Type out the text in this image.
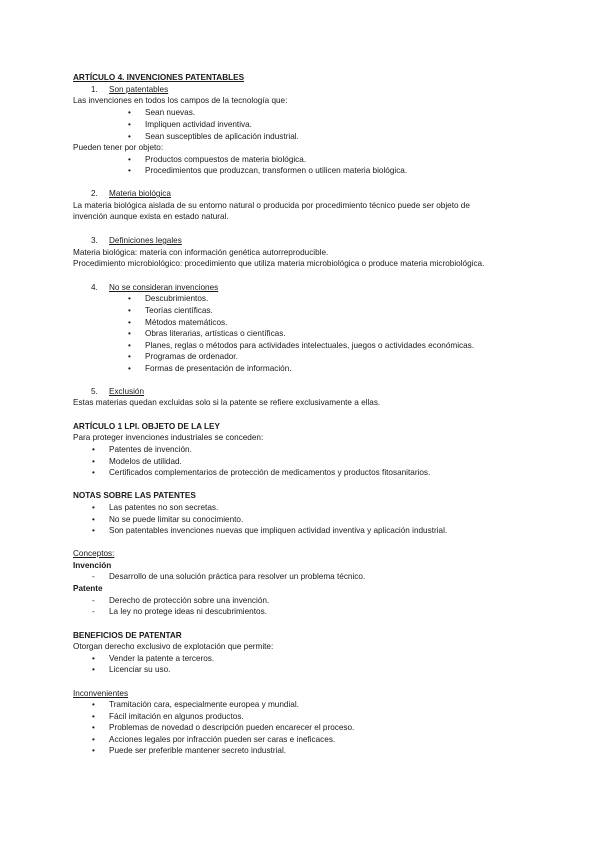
ARTÍCULO 4. INVENCIONES PATENTABLES
1. Son patentables
Las invenciones en todos los campos de la tecnología que:
• Sean nuevas.
• Impliquen actividad inventiva.
• Sean susceptibles de aplicación industrial.
Pueden tener por objeto:
• Productos compuestos de materia biológica.
• Procedimientos que produzcan, transformen o utilicen materia biológica.
2. Materia biológica
La materia biológica aislada de su entorno natural o producida por procedimiento técnico puede ser objeto de
invención aunque exista en estado natural.
3. Definiciones legales
Materia biológica: materia con información genética autorreproducible.
Procedimiento microbiológico: procedimiento que utiliza materia microbiológica o produce materia microbiológica.
4. No se consideran invenciones
• Descubrimientos.
• Teorías científicas.
• Métodos matemáticos.
• Obras literarias, artísticas o científicas.
• Planes, reglas o métodos para actividades intelectuales, juegos o actividades económicas.
• Programas de ordenador.
• Formas de presentación de información.
5. Exclusión
Estas materias quedan excluidas solo si la patente se refiere exclusivamente a ellas.
ARTÍCULO 1 LPI. OBJETO DE LA LEY
Para proteger invenciones industriales se conceden:
• Patentes de invención.
• Modelos de utilidad.
• Certificados complementarios de protección de medicamentos y productos fitosanitarios.
NOTAS SOBRE LAS PATENTES
• Las patentes no son secretas.
• No se puede limitar su conocimiento.
• Son patentables invenciones nuevas que impliquen actividad inventiva y aplicación industrial.
Conceptos:
Invención
- Desarrollo de una solución práctica para resolver un problema técnico.
Patente
- Derecho de protección sobre una invención.
- La ley no protege ideas ni descubrimientos.
BENEFICIOS DE PATENTAR
Otorgan derecho exclusivo de explotación que permite:
• Vender la patente a terceros.
• Licenciar su uso.
Inconvenientes
• Tramitación cara, especialmente europea y mundial.
• Fácil imitación en algunos productos.
• Problemas de novedad o descripción pueden encarecer el proceso.
• Acciones legales por infracción pueden ser caras e ineficaces.
• Puede ser preferible mantener secreto industrial.
